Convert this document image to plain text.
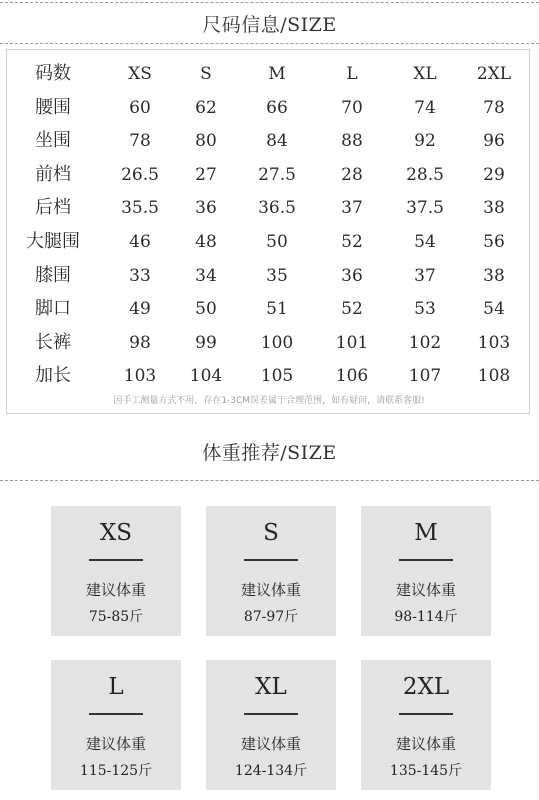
尺码信息/SIZE
码数	XS	S	M	L	XL	2XL
腰围	60	62	66	70	74	78
坐围	78	80	84	88	92	96
前档	26.5	27	27.5	28	28.5	29
后档	35.5	36	36.5	37	37.5	38
大腿围	46	48	50	52	54	56
膝围	33	34	35	36	37	38
脚口	49	50	51	52	53	54
长裤	98	99	100	101	102	103
加长	103	104	105	106	107	108
因手工测量方式不用，存在1-3CM误差属于合理范围，如有疑问，请联系客服!
体重推荐/SIZE
XS
建议体重
75-85斤
S
建议体重
87-97斤
M
建议体重
98-114斤
L
建议体重
115-125斤
XL
建议体重
124-134斤
2XL
建议体重
135-145斤
